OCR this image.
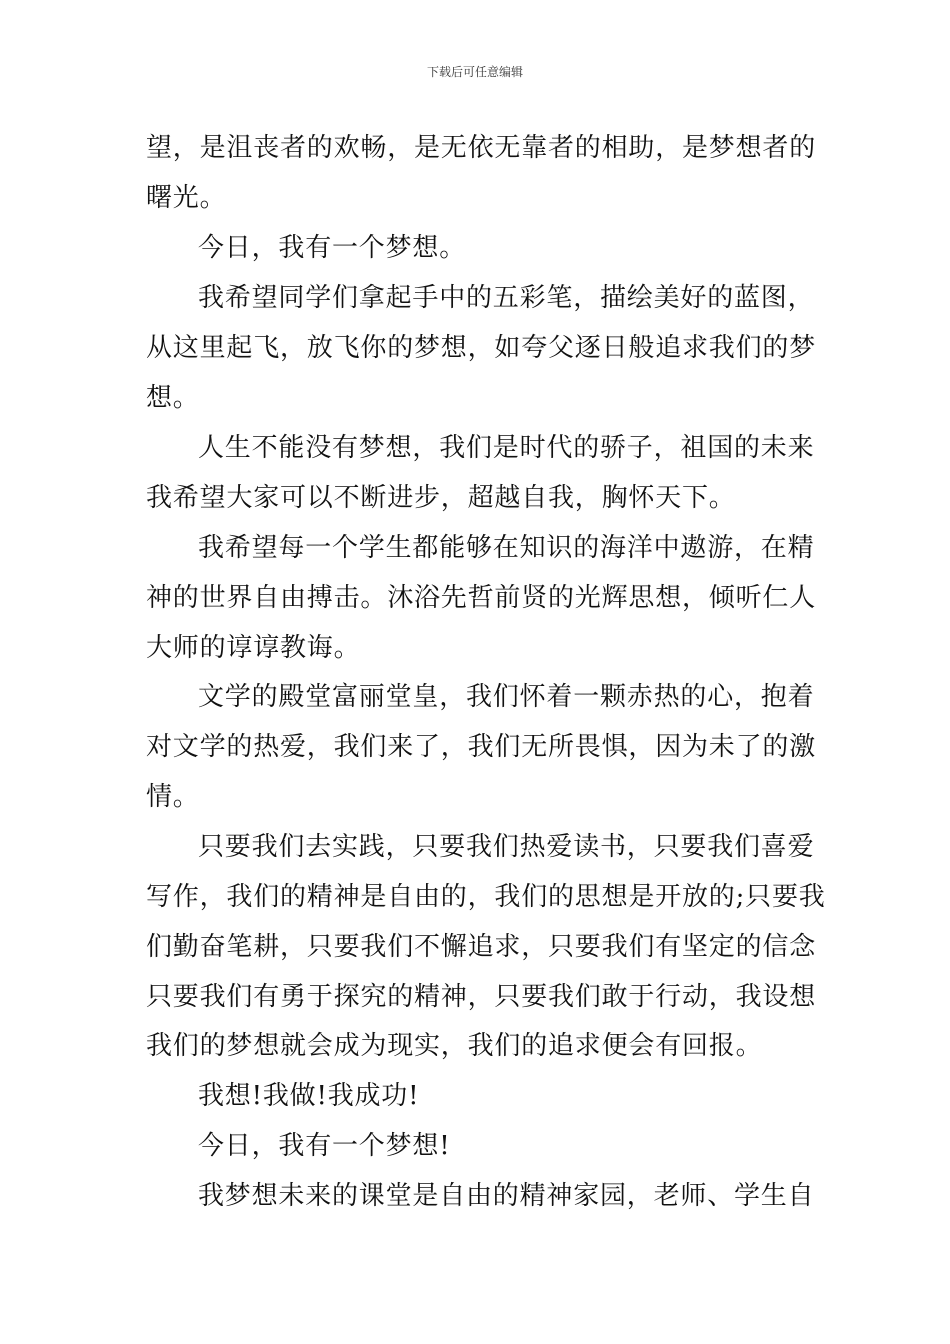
下载后可任意编辑
望，是沮丧者的欢畅，是无依无靠者的相助，是梦想者的
曙光。
今日，我有一个梦想。
我希望同学们拿起手中的五彩笔，描绘美好的蓝图，
从这里起飞，放飞你的梦想，如夸父逐日般追求我们的梦
想。
人生不能没有梦想，我们是时代的骄子，祖国的未来
我希望大家可以不断进步，超越自我，胸怀天下。
我希望每一个学生都能够在知识的海洋中遨游，在精
神的世界自由搏击。沐浴先哲前贤的光辉思想，倾听仁人
大师的谆谆教诲。
文学的殿堂富丽堂皇，我们怀着一颗赤热的心，抱着
对文学的热爱，我们来了，我们无所畏惧，因为未了的激
情。
只要我们去实践，只要我们热爱读书，只要我们喜爱
写作，我们的精神是自由的，我们的思想是开放的;只要我
们勤奋笔耕，只要我们不懈追求，只要我们有坚定的信念
只要我们有勇于探究的精神，只要我们敢于行动，我设想
我们的梦想就会成为现实，我们的追求便会有回报。
我想!我做!我成功!
今日，我有一个梦想!
我梦想未来的课堂是自由的精神家园，老师、学生自
